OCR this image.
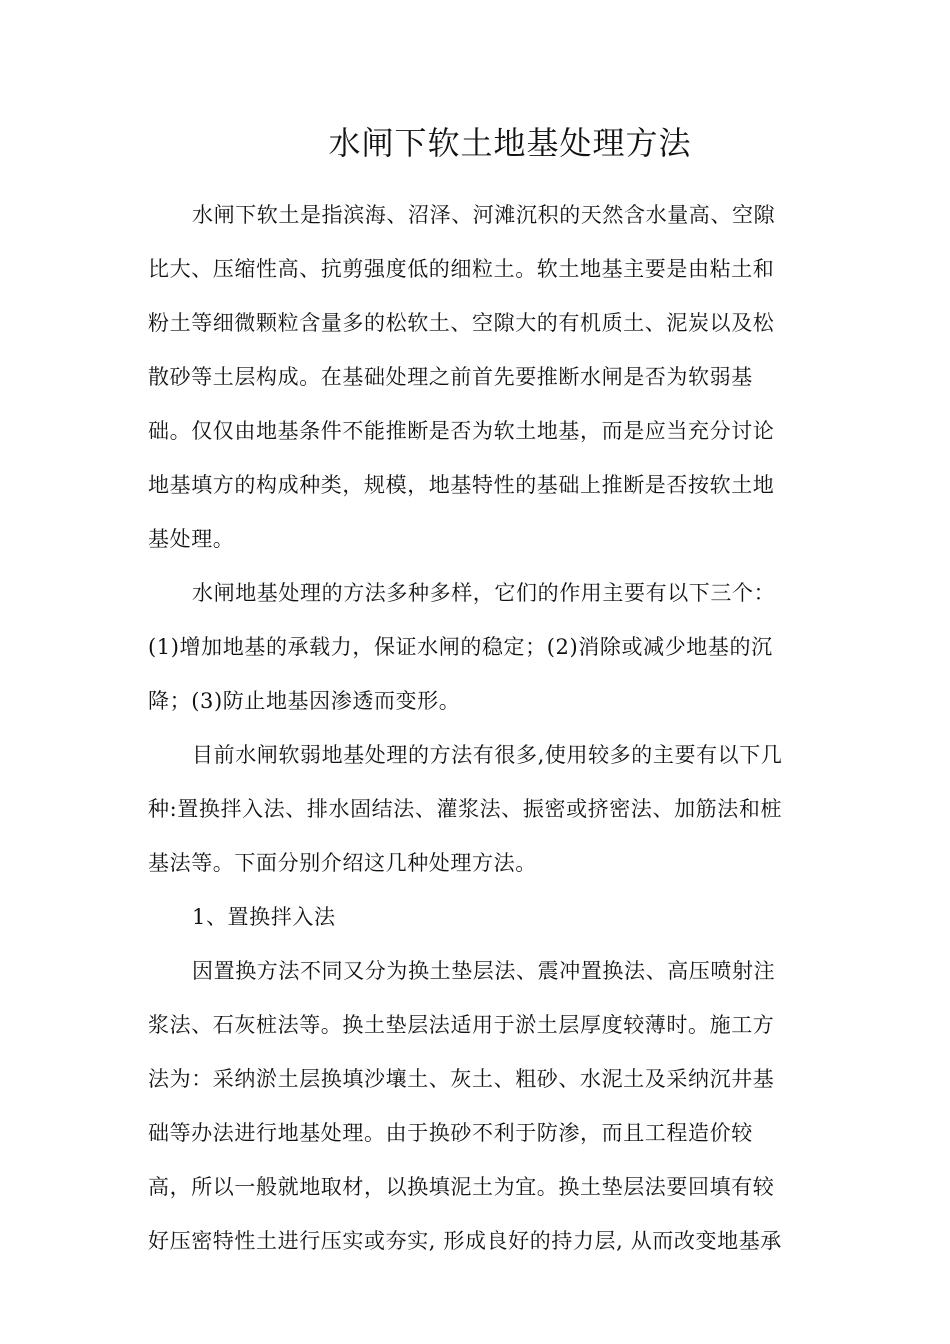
水闸下软土地基处理方法
水闸下软土是指滨海、沼泽、河滩沉积的天然含水量高、空隙
比大、压缩性高、抗剪强度低的细粒土。软土地基主要是由粘土和
粉土等细微颗粒含量多的松软土、空隙大的有机质土、泥炭以及松
散砂等土层构成。在基础处理之前首先要推断水闸是否为软弱基
础。仅仅由地基条件不能推断是否为软土地基，而是应当充分讨论
地基填方的构成种类，规模，地基特性的基础上推断是否按软土地
基处理。
水闸地基处理的方法多种多样，它们的作用主要有以下三个：
(1)增加地基的承载力，保证水闸的稳定；(2)消除或减少地基的沉
降；(3)防止地基因渗透而变形。
目前水闸软弱地基处理的方法有很多,使用较多的主要有以下几
种:置换拌入法、排水固结法、灌浆法、振密或挤密法、加筋法和桩
基法等。下面分别介绍这几种处理方法。
1、置换拌入法
因置换方法不同又分为换土垫层法、震冲置换法、高压喷射注
浆法、石灰桩法等。换土垫层法适用于淤土层厚度较薄时。施工方
法为：采纳淤土层换填沙壤土、灰土、粗砂、水泥土及采纳沉井基
础等办法进行地基处理。由于换砂不利于防渗，而且工程造价较
高，所以一般就地取材，以换填泥土为宜。换土垫层法要回填有较
好压密特性土进行压实或夯实, 形成良好的持力层, 从而改变地基承
